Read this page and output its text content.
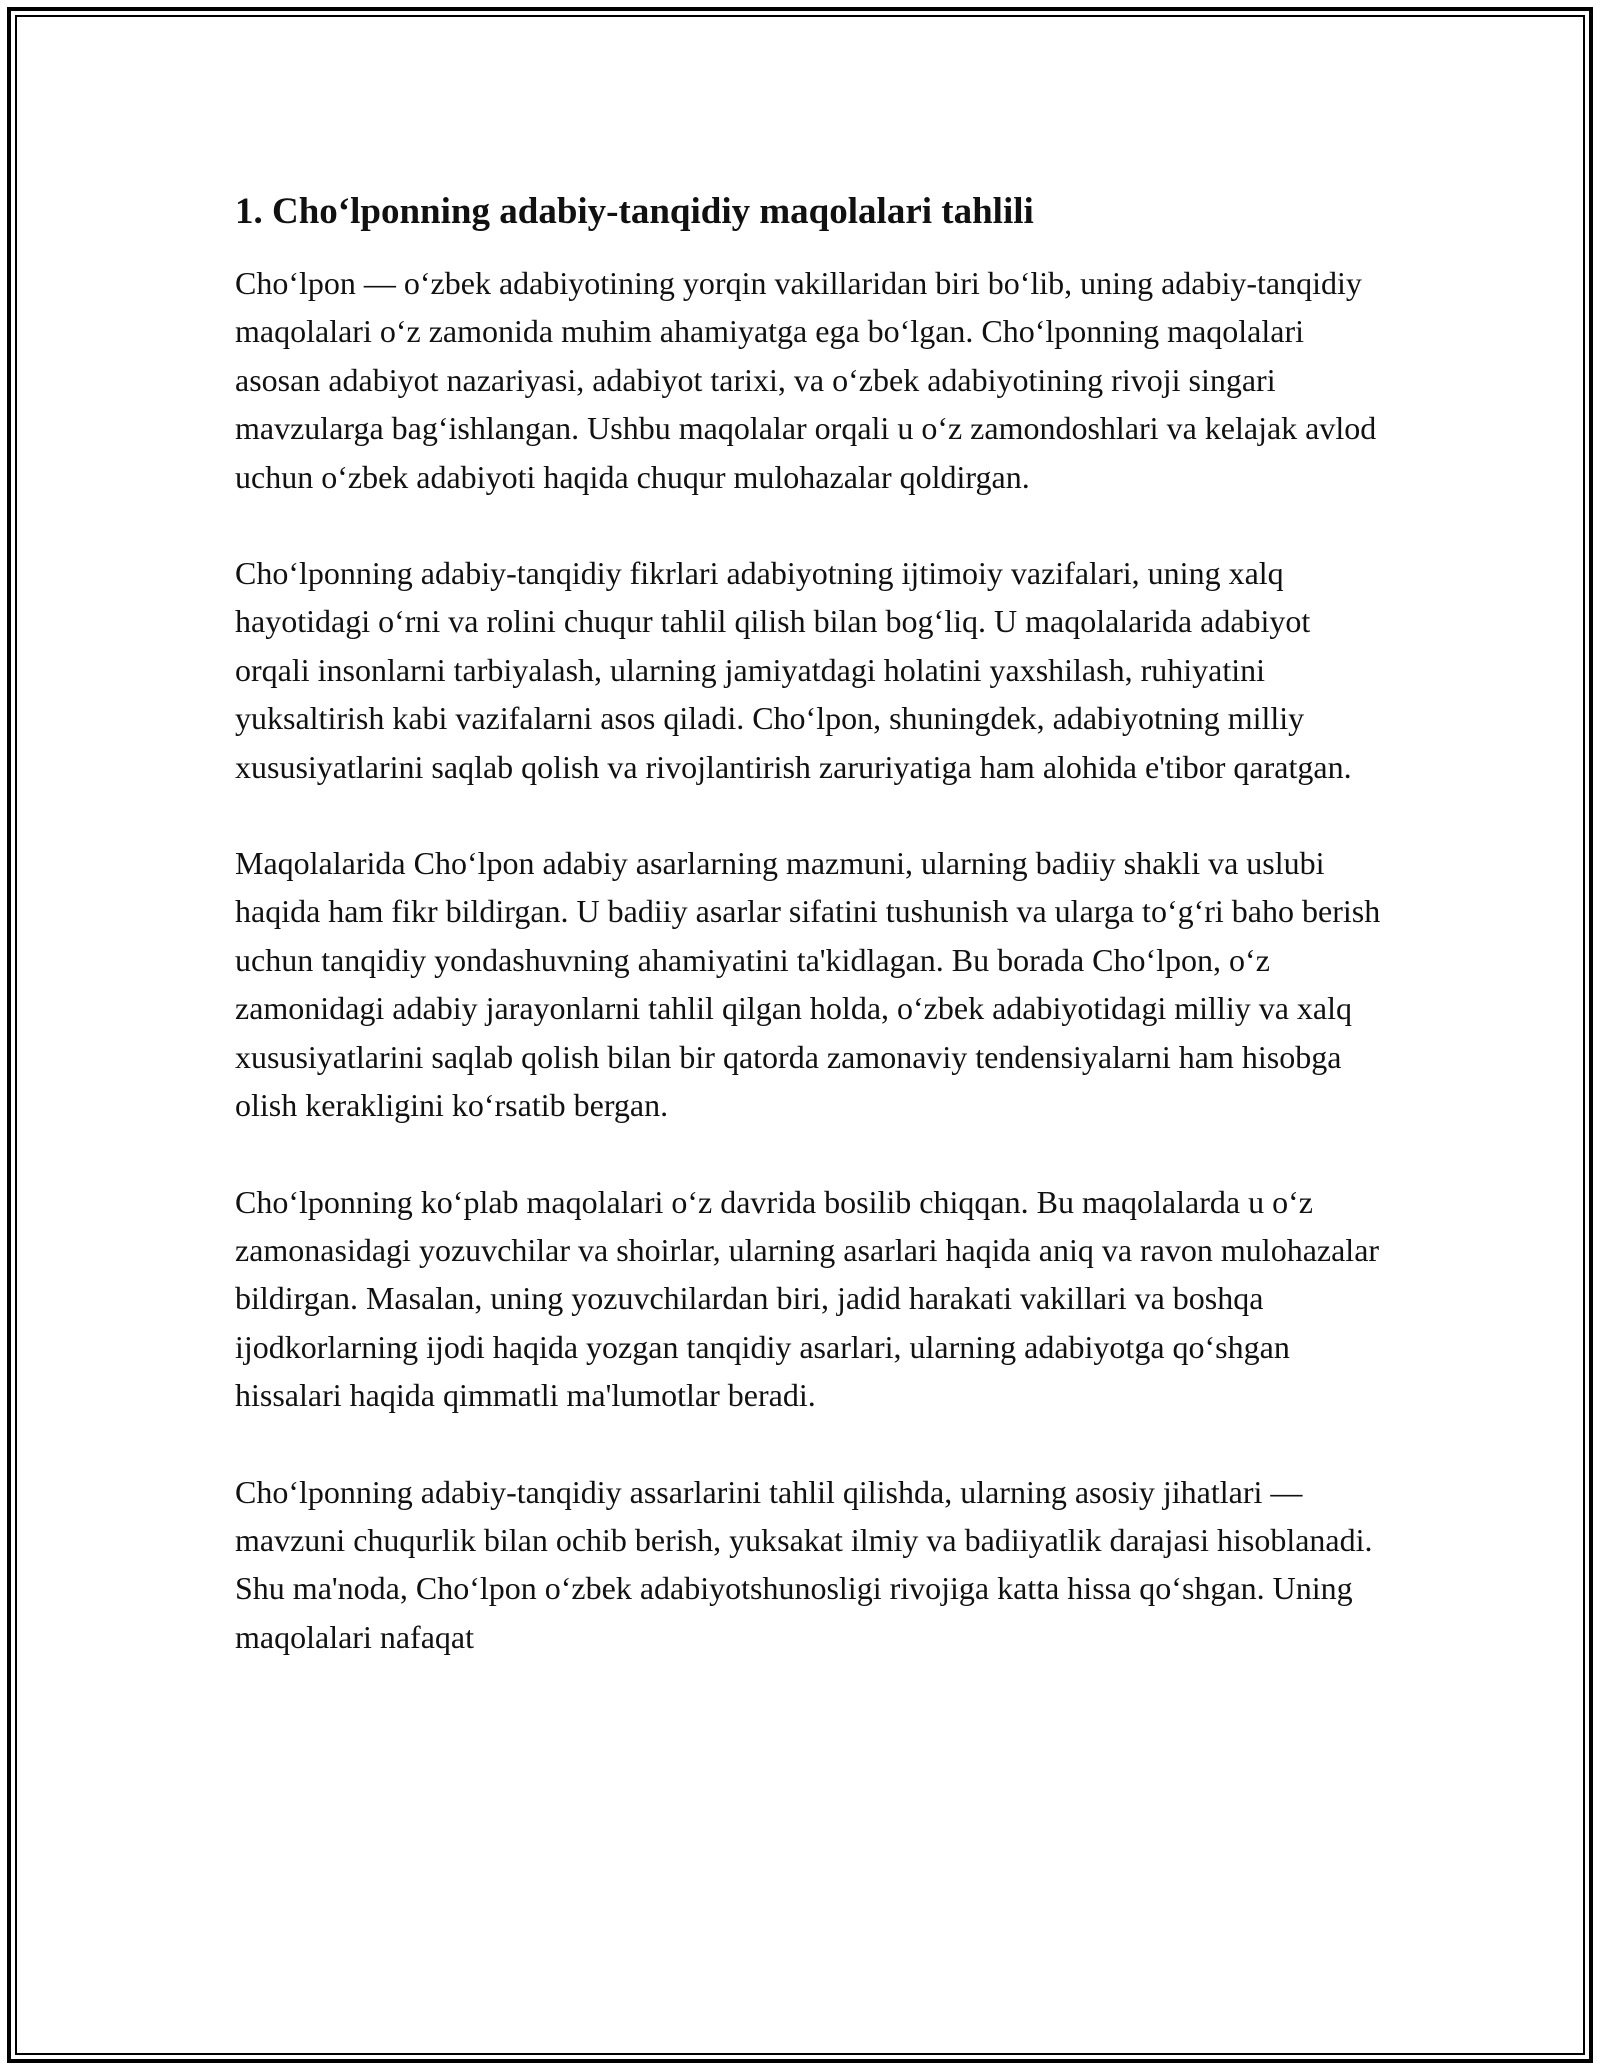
1. Cho‘lponning adabiy-tanqidiy maqolalari tahlili

Cho‘lpon — o‘zbek adabiyotining yorqin vakillaridan biri bo‘lib, uning adabiy-tanqidiy maqolalari o‘z zamonida muhim ahamiyatga ega bo‘lgan. Cho‘lponning maqolalari asosan adabiyot nazariyasi, adabiyot tarixi, va o‘zbek adabiyotining rivoji singari mavzularga bag‘ishlangan. Ushbu maqolalar orqali u o‘z zamondoshlari va kelajak avlod uchun o‘zbek adabiyoti haqida chuqur mulohazalar qoldirgan.

Cho‘lponning adabiy-tanqidiy fikrlari adabiyotning ijtimoiy vazifalari, uning xalq hayotidagi o‘rni va rolini chuqur tahlil qilish bilan bog‘liq. U maqolalarida adabiyot orqali insonlarni tarbiyalash, ularning jamiyatdagi holatini yaxshilash, ruhiyatini yuksaltirish kabi vazifalarni asos qiladi. Cho‘lpon, shuningdek, adabiyotning milliy xususiyatlarini saqlab qolish va rivojlantirish zaruriyatiga ham alohida e'tibor qaratgan.

Maqolalarida Cho‘lpon adabiy asarlarning mazmuni, ularning badiiy shakli va uslubi haqida ham fikr bildirgan. U badiiy asarlar sifatini tushunish va ularga to‘g‘ri baho berish uchun tanqidiy yondashuvning ahamiyatini ta'kidlagan. Bu borada Cho‘lpon, o‘z zamonidagi adabiy jarayonlarni tahlil qilgan holda, o‘zbek adabiyotidagi milliy va xalq xususiyatlarini saqlab qolish bilan bir qatorda zamonaviy tendensiyalarni ham hisobga olish kerakligini ko‘rsatib bergan.

Cho‘lponning ko‘plab maqolalari o‘z davrida bosilib chiqqan. Bu maqolalarda u o‘z zamonasidagi yozuvchilar va shoirlar, ularning asarlari haqida aniq va ravon mulohazalar bildirgan. Masalan, uning yozuvchilardan biri, jadid harakati vakillari va boshqa ijodkorlarning ijodi haqida yozgan tanqidiy asarlari, ularning adabiyotga qo‘shgan hissalari haqida qimmatli ma'lumotlar beradi.

Cho‘lponning adabiy-tanqidiy assarlarini tahlil qilishda, ularning asosiy jihatlari — mavzuni chuqurlik bilan ochib berish, yuksakat ilmiy va badiiyatlik darajasi hisoblanadi. Shu ma'noda, Cho‘lpon o‘zbek adabiyotshunosligi rivojiga katta hissa qo‘shgan. Uning maqolalari nafaqat
